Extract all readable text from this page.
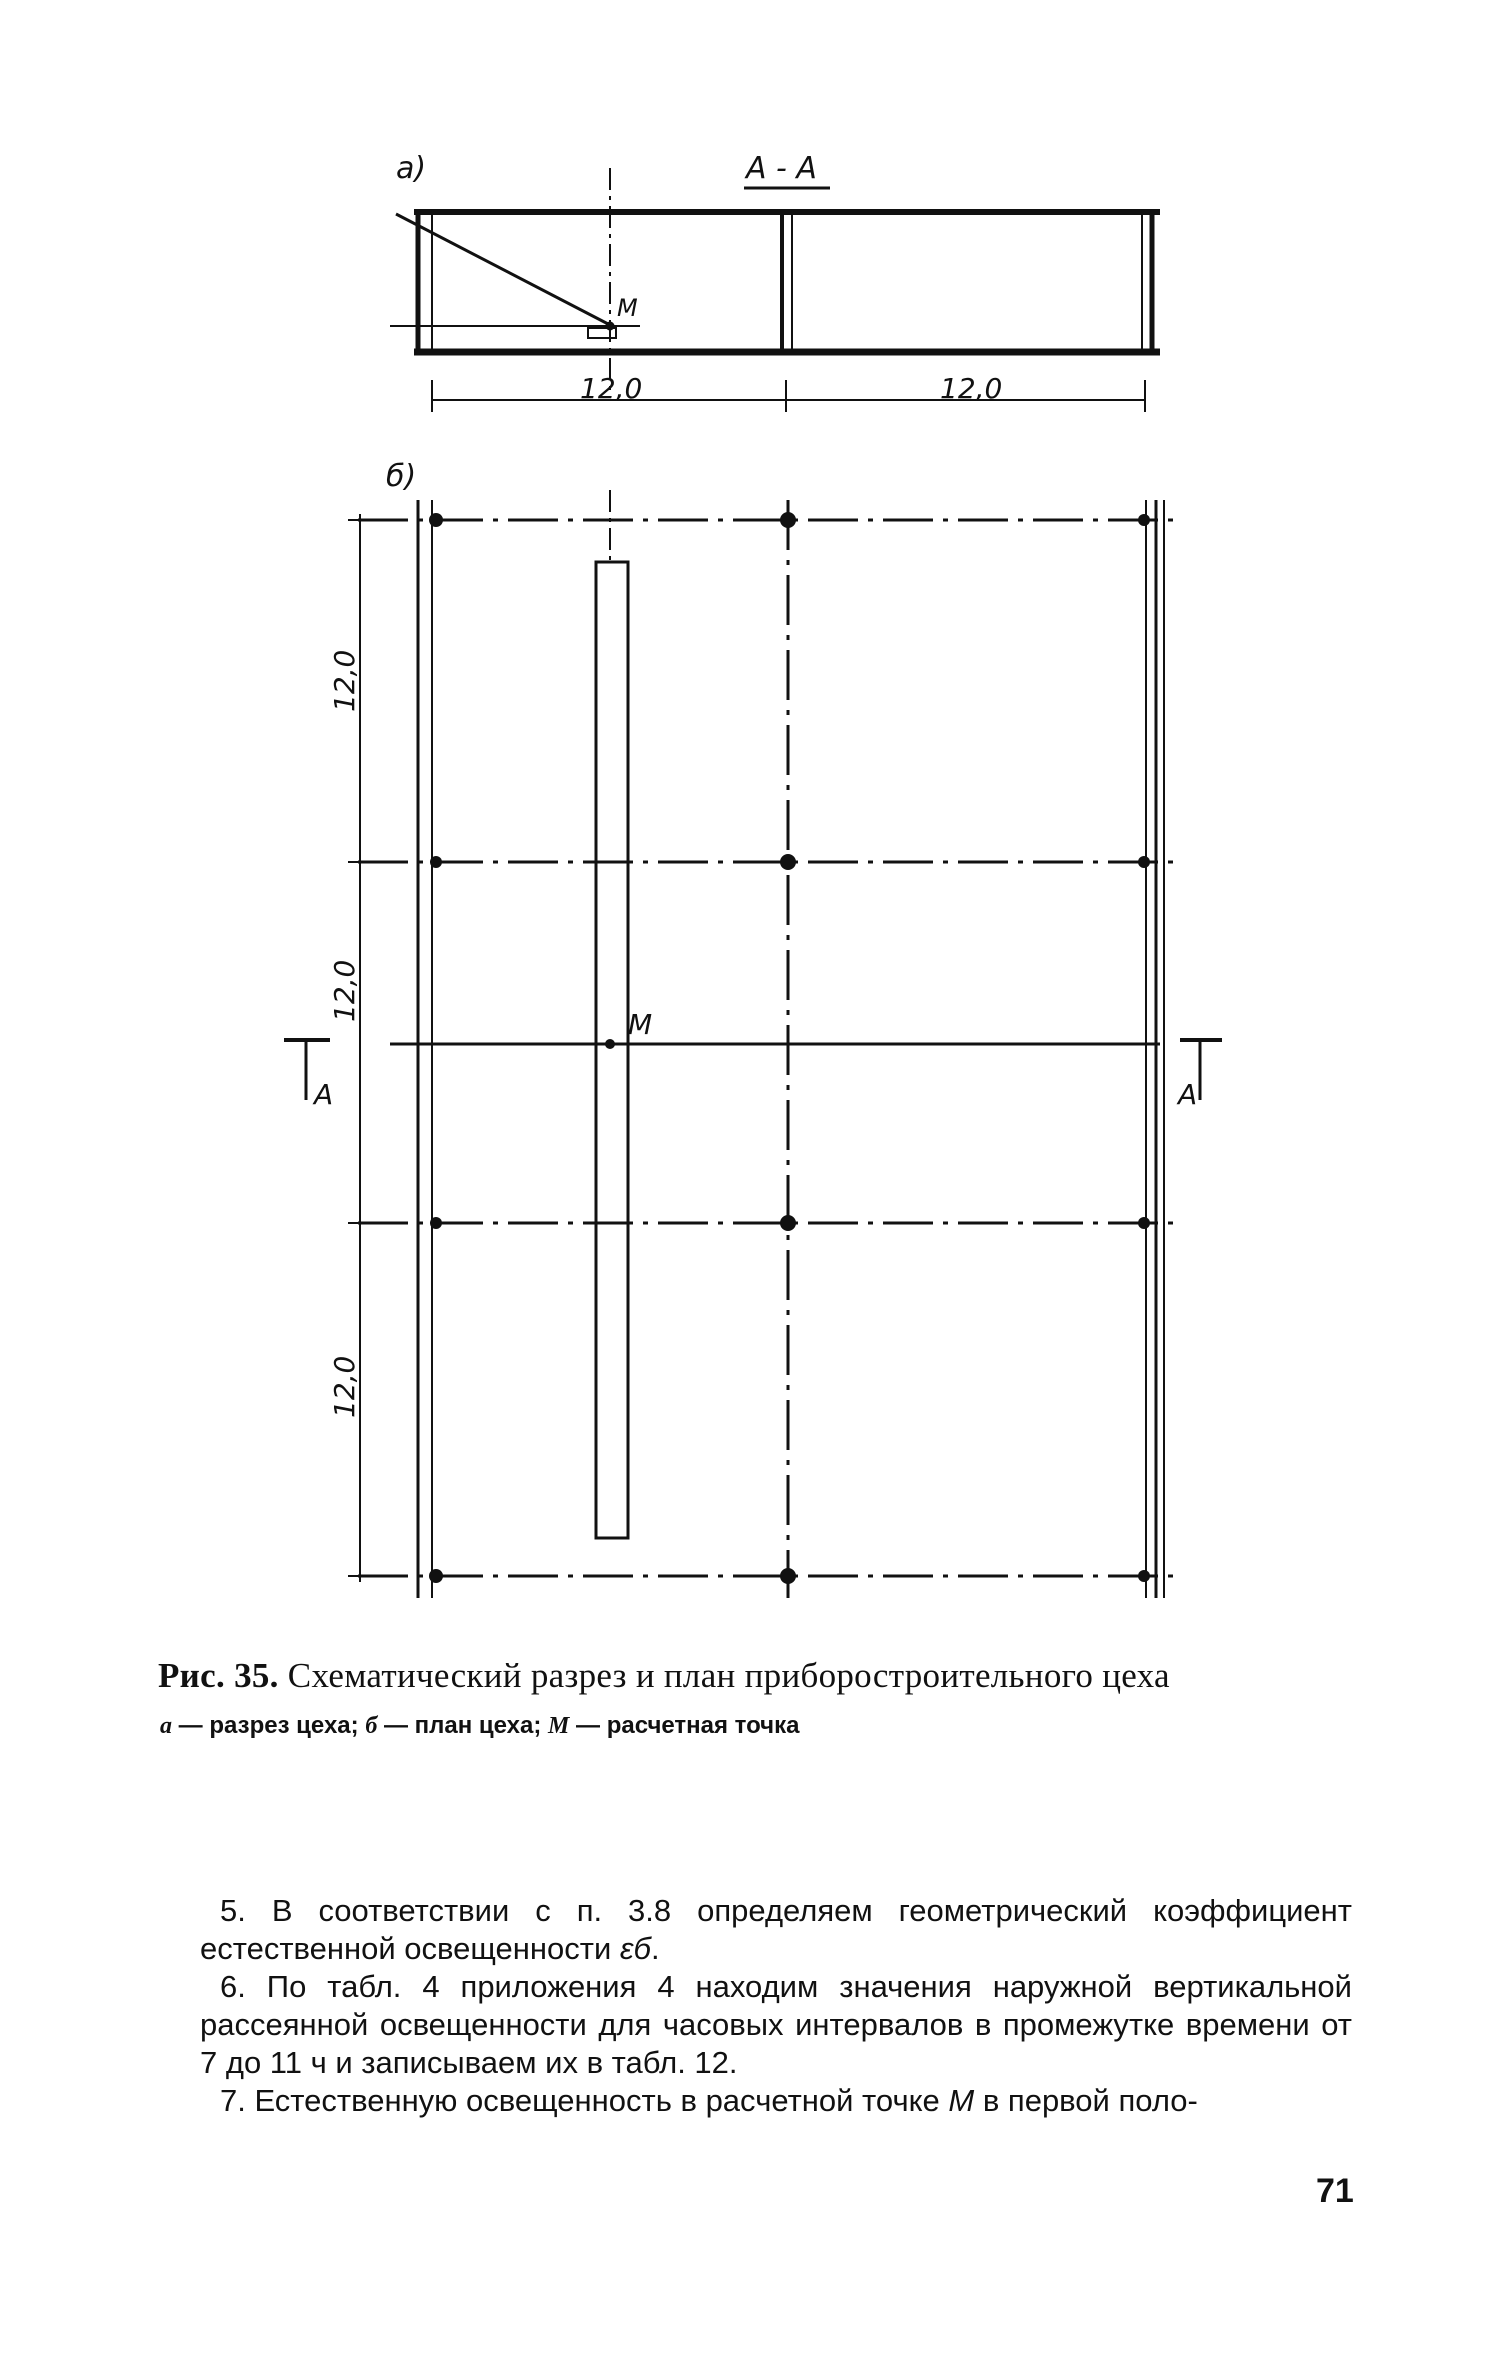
а)	А - А
М
12,0	12,0
б)
М
А	А
12,0
12,0
12,0
Рис. 35. Схематический разрез и план приборостроительного цеха
а — разрез цеха; б — план цеха; М — расчетная точка

5. В соответствии с п. 3.8 определяем геометрический коэффициент естественной освещенности εб.

6. По табл. 4 приложения 4 находим значения наружной вертикальной рассеянной освещенности для часовых интервалов в промежутке времени от 7 до 11 ч и записываем их в табл. 12.

7. Естественную освещенность в расчетной точке М в первой поло-

71
